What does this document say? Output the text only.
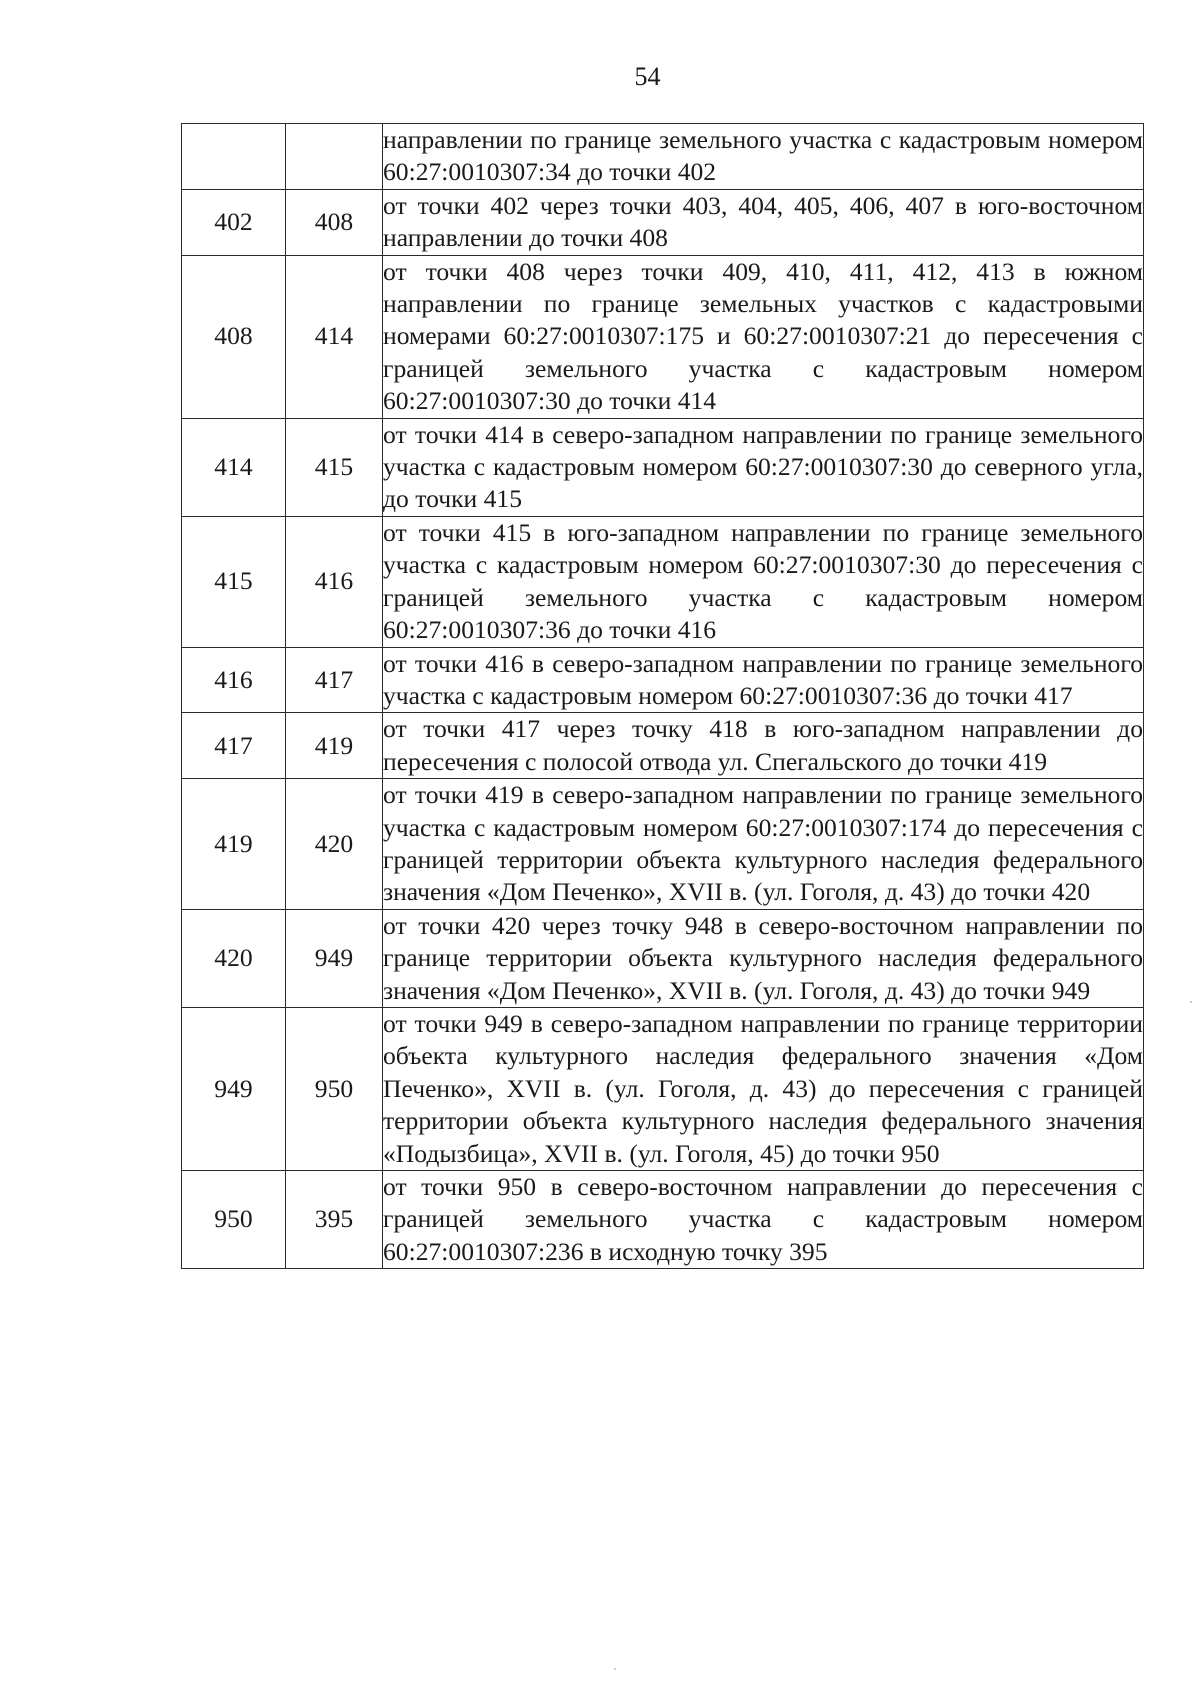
54
		направлении по границе земельного участка с кадастровым номером 60:27:0010307:34 до точки 402
402	408	от точки 402 через точки 403, 404, 405, 406, 407 в юго-восточном направлении до точки 408
408	414	от точки 408 через точки 409, 410, 411, 412, 413 в южном направлении по границе земельных участков с кадастровыми номерами 60:27:0010307:175 и 60:27:0010307:21 до пересечения с границей земельного участка с кадастровым номером 60:27:0010307:30 до точки 414
414	415	от точки 414 в северо-западном направлении по границе земельного участка с кадастровым номером 60:27:0010307:30 до северного угла, до точки 415
415	416	от точки 415 в юго-западном направлении по границе земельного участка с кадастровым номером 60:27:0010307:30 до пересечения с границей земельного участка с кадастровым номером 60:27:0010307:36 до точки 416
416	417	от точки 416 в северо-западном направлении по границе земельного участка с кадастровым номером 60:27:0010307:36 до точки 417
417	419	от точки 417 через точку 418 в юго-западном направлении до пересечения с полосой отвода ул. Спегальского до точки 419
419	420	от точки 419 в северо-западном направлении по границе земельного участка с кадастровым номером 60:27:0010307:174 до пересечения с границей территории объекта культурного наследия федерального значения «Дом Печенко», XVII в. (ул. Гоголя, д. 43) до точки 420
420	949	от точки 420 через точку 948 в северо-восточном направлении по границе территории объекта культурного наследия федерального значения «Дом Печенко», XVII в. (ул. Гоголя, д. 43) до точки 949
949	950	от точки 949 в северо-западном направлении по границе территории объекта культурного наследия федерального значения «Дом Печенко», XVII в. (ул. Гоголя, д. 43) до пересечения с границей территории объекта культурного наследия федерального значения «Подызбица», XVII в. (ул. Гоголя, 45) до точки 950
950	395	от точки 950 в северо-восточном направлении до пересечения с границей земельного участка с кадастровым номером 60:27:0010307:236 в исходную точку 395
